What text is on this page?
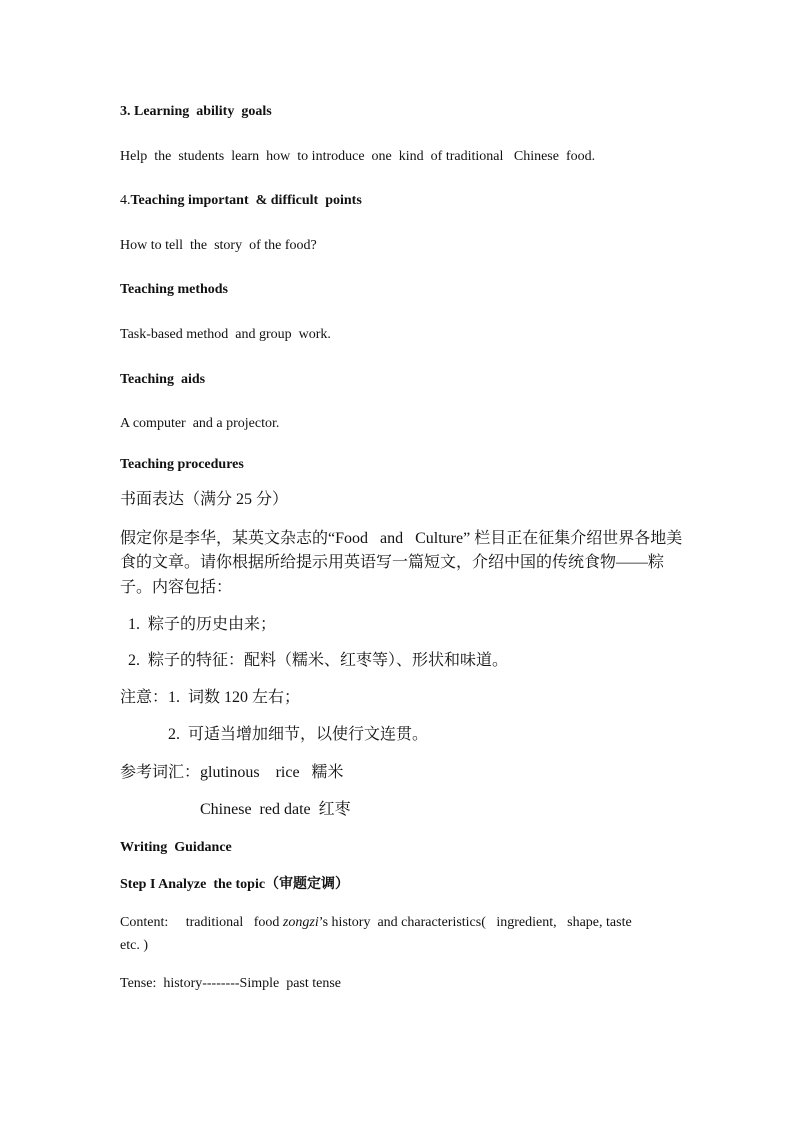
3. Learning  ability  goals
Help  the  students  learn  how  to introduce  one  kind  of traditional   Chinese  food.
4.Teaching important  & difficult  points
How to tell  the  story  of the food?
Teaching methods
Task-based method  and group  work.
Teaching  aids
A computer  and a projector.
Teaching procedures
书面表达（满分 25 分）
假定你是李华，某英文杂志的“Food   and   Culture” 栏目正在征集介绍世界各地美
食的文章。请你根据所给提示用英语写一篇短文，介绍中国的传统食物——粽
子。内容包括：
1.  粽子的历史由来；
2.  粽子的特征：配料（糯米、红枣等）、形状和味道。
注意：1.  词数 120 左右；
2.  可适当增加细节，以使行文连贯。
参考词汇：glutinous    rice   糯米
Chinese  red date  红枣
Writing  Guidance
Step I Analyze  the topic（审题定调）
Content:     traditional   food zongzi’s history  and characteristics(   ingredient,   shape, taste
etc. )
Tense:  history--------Simple  past tense
